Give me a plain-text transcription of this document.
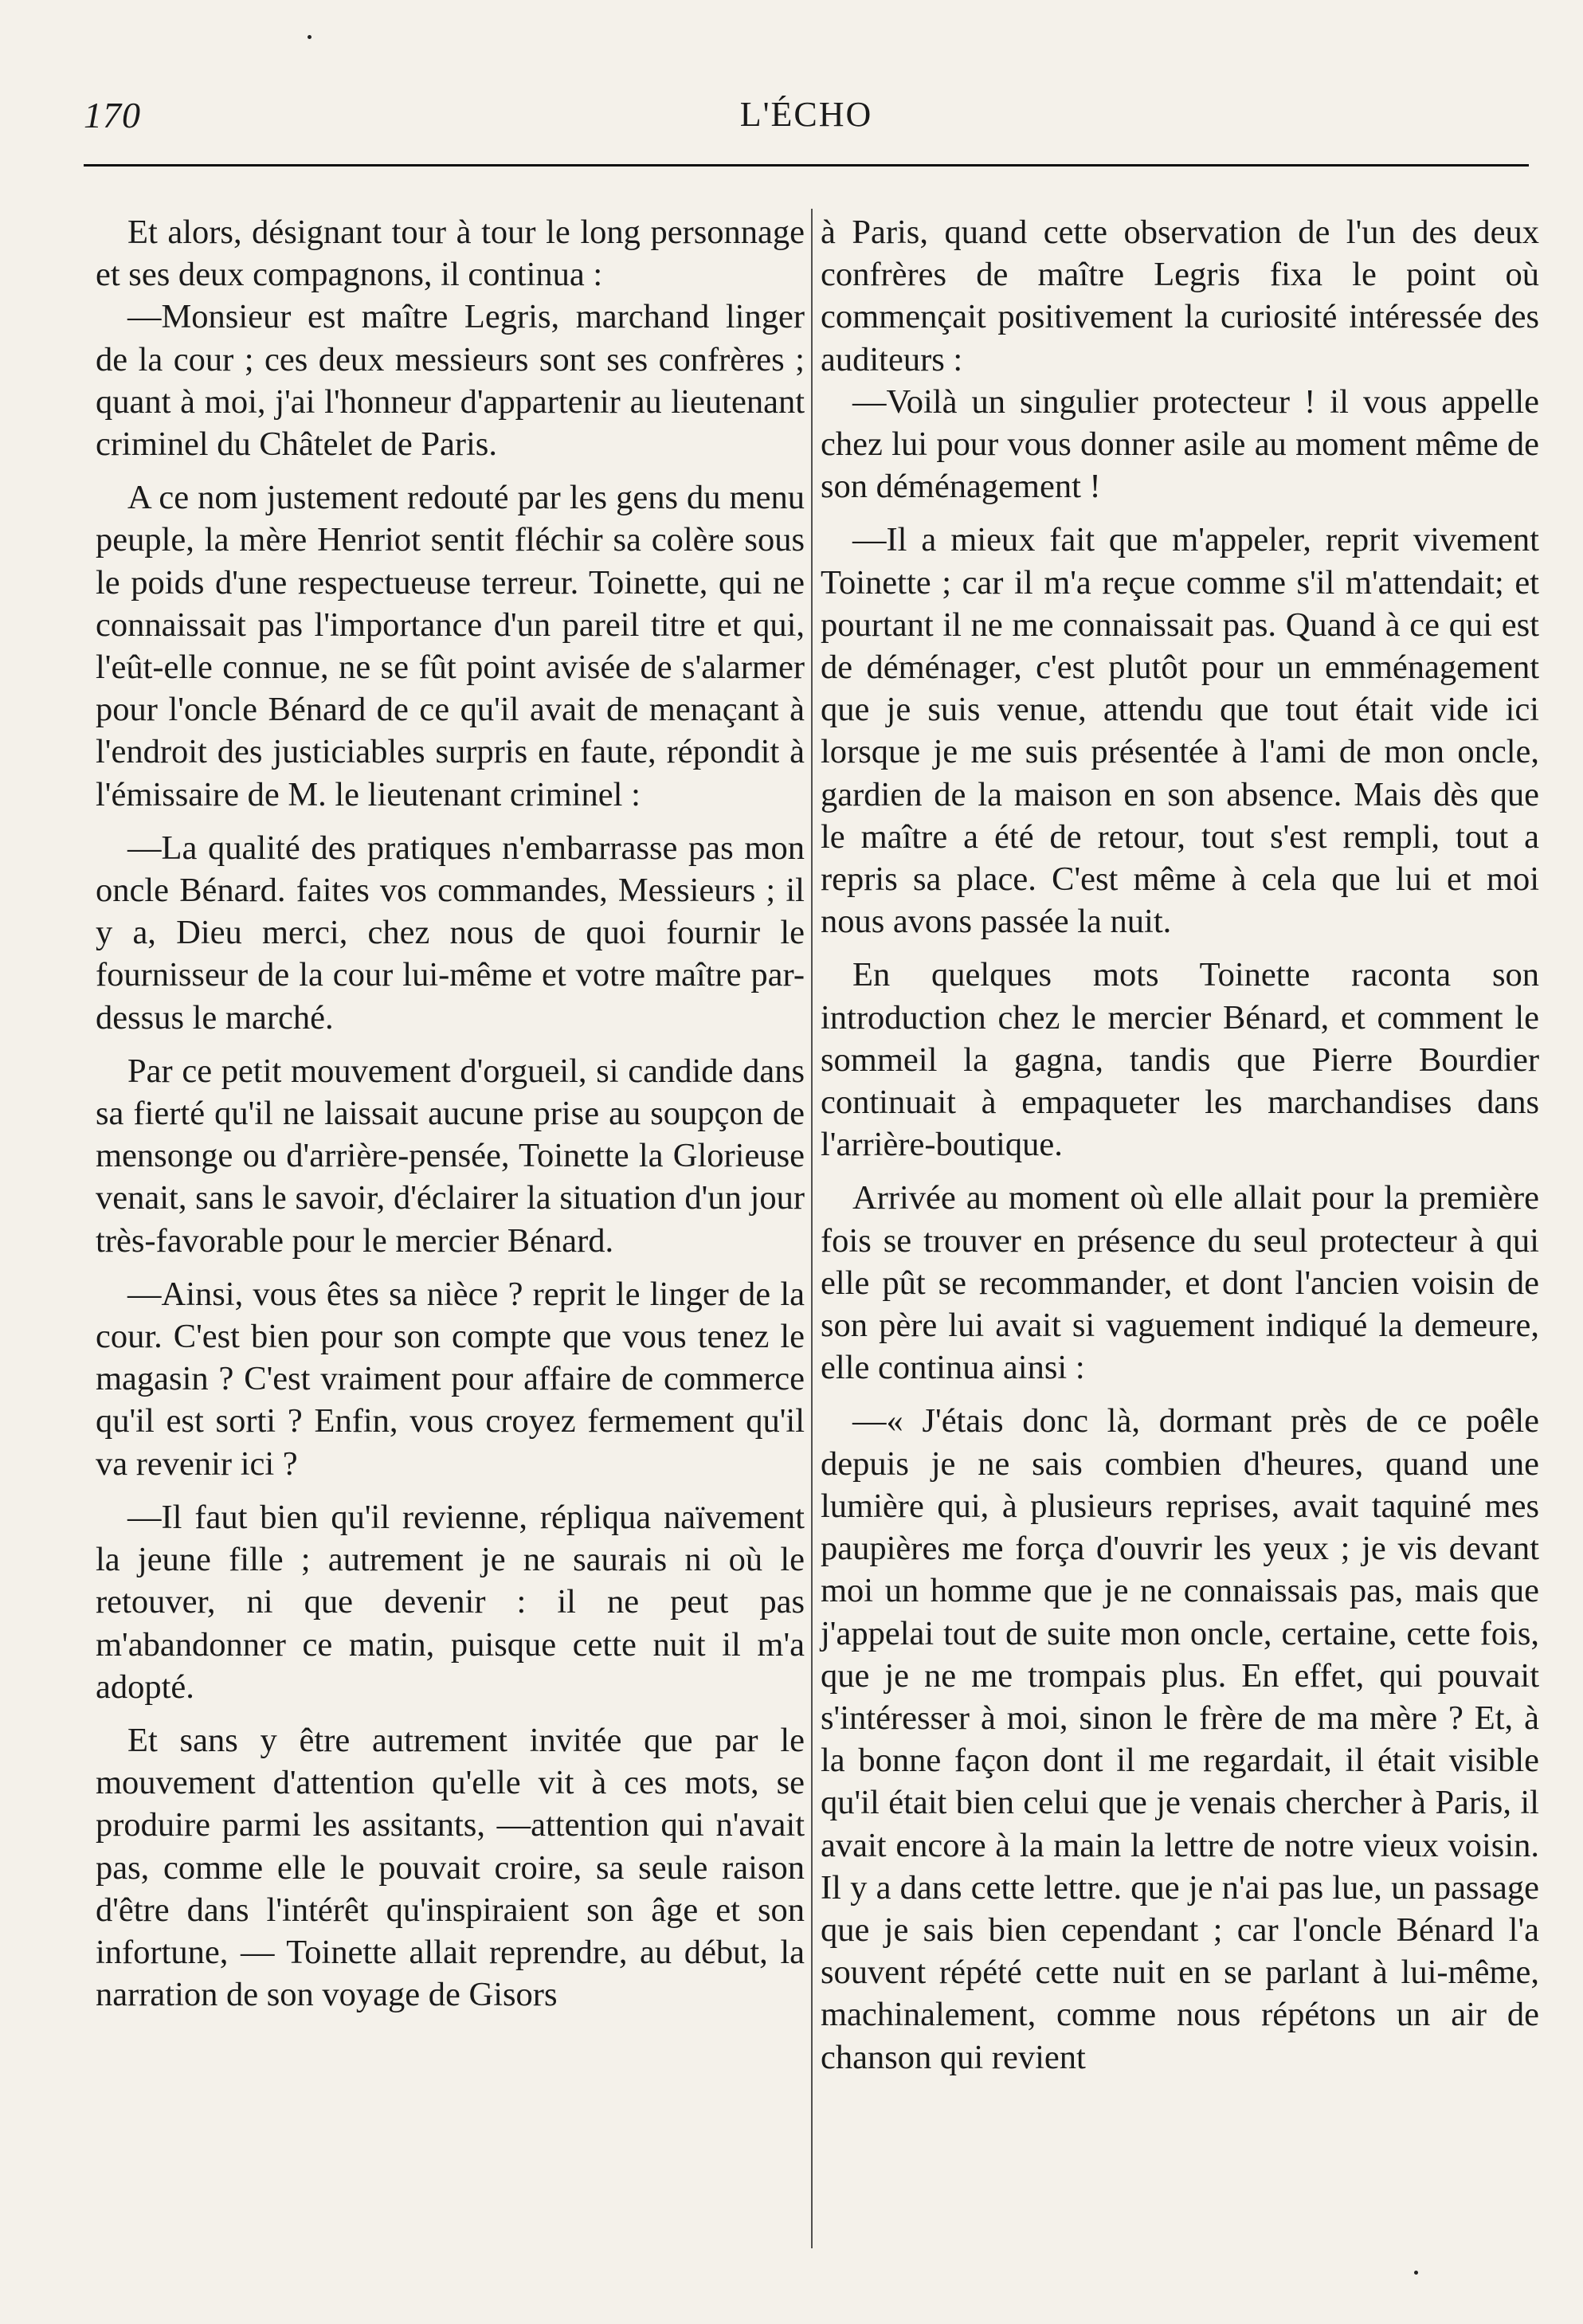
170	L'ÉCHO

Et alors, désignant tour à tour le long personnage et ses deux compagnons, il continua :

—Monsieur est maître Legris, marchand linger de la cour ; ces deux messieurs sont ses confrères ; quant à moi, j'ai l'honneur d'appartenir au lieutenant criminel du Châtelet de Paris.

A ce nom justement redouté par les gens du menu peuple, la mère Henriot sentit fléchir sa colère sous le poids d'une respectueuse terreur. Toinette, qui ne connaissait pas l'importance d'un pareil titre et qui, l'eût-elle connue, ne se fût point avisée de s'alarmer pour l'oncle Bénard de ce qu'il avait de menaçant à l'endroit des justiciables surpris en faute, répondit à l'émissaire de M. le lieutenant criminel :

—La qualité des pratiques n'embarrasse pas mon oncle Bénard. faites vos commandes, Messieurs ; il y a, Dieu merci, chez nous de quoi fournir le fournisseur de la cour lui-même et votre maître par-dessus le marché.

Par ce petit mouvement d'orgueil, si candide dans sa fierté qu'il ne laissait aucune prise au soupçon de mensonge ou d'arrière-pensée, Toinette la Glorieuse venait, sans le savoir, d'éclairer la situation d'un jour très-favorable pour le mercier Bénard.

—Ainsi, vous êtes sa nièce ? reprit le linger de la cour. C'est bien pour son compte que vous tenez le magasin ? C'est vraiment pour affaire de commerce qu'il est sorti ? Enfin, vous croyez fermement qu'il va revenir ici ?

—Il faut bien qu'il revienne, répliqua naïvement la jeune fille ; autrement je ne saurais ni où le retouver, ni que devenir : il ne peut pas m'abandonner ce matin, puisque cette nuit il m'a adopté.

Et sans y être autrement invitée que par le mouvement d'attention qu'elle vit à ces mots, se produire parmi les assitants, —attention qui n'avait pas, comme elle le pouvait croire, sa seule raison d'être dans l'intérêt qu'inspiraient son âge et son infortune, — Toinette allait reprendre, au début, la narration de son voyage de Gisors

à Paris, quand cette observation de l'un des deux confrères de maître Legris fixa le point où commençait positivement la curiosité intéressée des auditeurs :

—Voilà un singulier protecteur ! il vous appelle chez lui pour vous donner asile au moment même de son déménagement !

—Il a mieux fait que m'appeler, reprit vivement Toinette ; car il m'a reçue comme s'il m'attendait; et pourtant il ne me connaissait pas. Quand à ce qui est de déménager, c'est plutôt pour un emménagement que je suis venue, attendu que tout était vide ici lorsque je me suis présentée à l'ami de mon oncle, gardien de la maison en son absence. Mais dès que le maître a été de retour, tout s'est rempli, tout a repris sa place. C'est même à cela que lui et moi nous avons passée la nuit.

En quelques mots Toinette raconta son introduction chez le mercier Bénard, et comment le sommeil la gagna, tandis que Pierre Bourdier continuait à empaqueter les marchandises dans l'arrière-boutique.

Arrivée au moment où elle allait pour la première fois se trouver en présence du seul protecteur à qui elle pût se recommander, et dont l'ancien voisin de son père lui avait si vaguement indiqué la demeure, elle continua ainsi :

—« J'étais donc là, dormant près de ce poêle depuis je ne sais combien d'heures, quand une lumière qui, à plusieurs reprises, avait taquiné mes paupières me força d'ouvrir les yeux ; je vis devant moi un homme que je ne connaissais pas, mais que j'appelai tout de suite mon oncle, certaine, cette fois, que je ne me trompais plus. En effet, qui pouvait s'intéresser à moi, sinon le frère de ma mère ? Et, à la bonne façon dont il me regardait, il était visible qu'il était bien celui que je venais chercher à Paris, il avait encore à la main la lettre de notre vieux voisin. Il y a dans cette lettre. que je n'ai pas lue, un passage que je sais bien cependant ; car l'oncle Bénard l'a souvent répété cette nuit en se parlant à lui-même, machinalement, comme nous répétons un air de chanson qui revient
